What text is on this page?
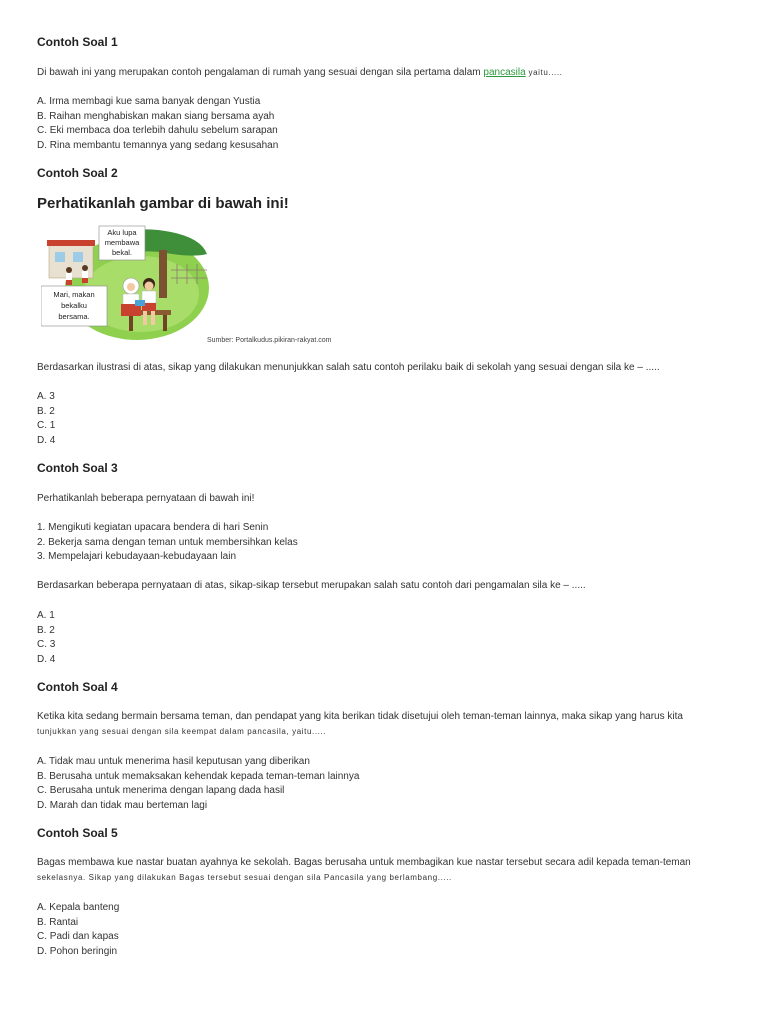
Contoh Soal 1

Di bawah ini yang merupakan contoh pengalaman di rumah yang sesuai dengan sila pertama dalam pancasila yaitu.....

A. Irma membagi kue sama banyak dengan Yustia

B. Raihan menghabiskan makan siang bersama ayah

C. Eki membaca doa terlebih dahulu sebelum sarapan

D. Rina membantu temannya yang sedang kesusahan

Contoh Soal 2
Perhatikanlah gambar di bawah ini!
Aku lupa
membawa
bekal.
Mari, makan
bekalku
bersama.
Sumber: Portalkudus.pikiran-rakyat.com

Berdasarkan ilustrasi di atas, sikap yang dilakukan menunjukkan salah satu contoh perilaku baik di sekolah yang sesuai dengan sila ke – .....

A. 3

B. 2

C. 1

D. 4

Contoh Soal 3

Perhatikanlah beberapa pernyataan di bawah ini!

1. Mengikuti kegiatan upacara bendera di hari Senin

2. Bekerja sama dengan teman untuk membersihkan kelas

3. Mempelajari kebudayaan-kebudayaan lain

Berdasarkan beberapa pernyataan di atas, sikap-sikap tersebut merupakan salah satu contoh dari pengamalan sila ke – .....

A. 1

B. 2

C. 3

D. 4

Contoh Soal 4

Ketika kita sedang bermain bersama teman, dan pendapat yang kita berikan tidak disetujui oleh teman-teman lainnya, maka sikap yang harus kita

tunjukkan yang sesuai dengan sila keempat dalam pancasila, yaitu.....

A. Tidak mau untuk menerima hasil keputusan yang diberikan

B. Berusaha untuk memaksakan kehendak kepada teman-teman lainnya

C. Berusaha untuk menerima dengan lapang dada hasil

D. Marah dan tidak mau berteman lagi

Contoh Soal 5

Bagas membawa kue nastar buatan ayahnya ke sekolah. Bagas berusaha untuk membagikan kue nastar tersebut secara adil kepada teman-teman

sekelasnya. Sikap yang dilakukan Bagas tersebut sesuai dengan sila Pancasila yang berlambang.....

A. Kepala banteng

B. Rantai

C. Padi dan kapas

D. Pohon beringin
